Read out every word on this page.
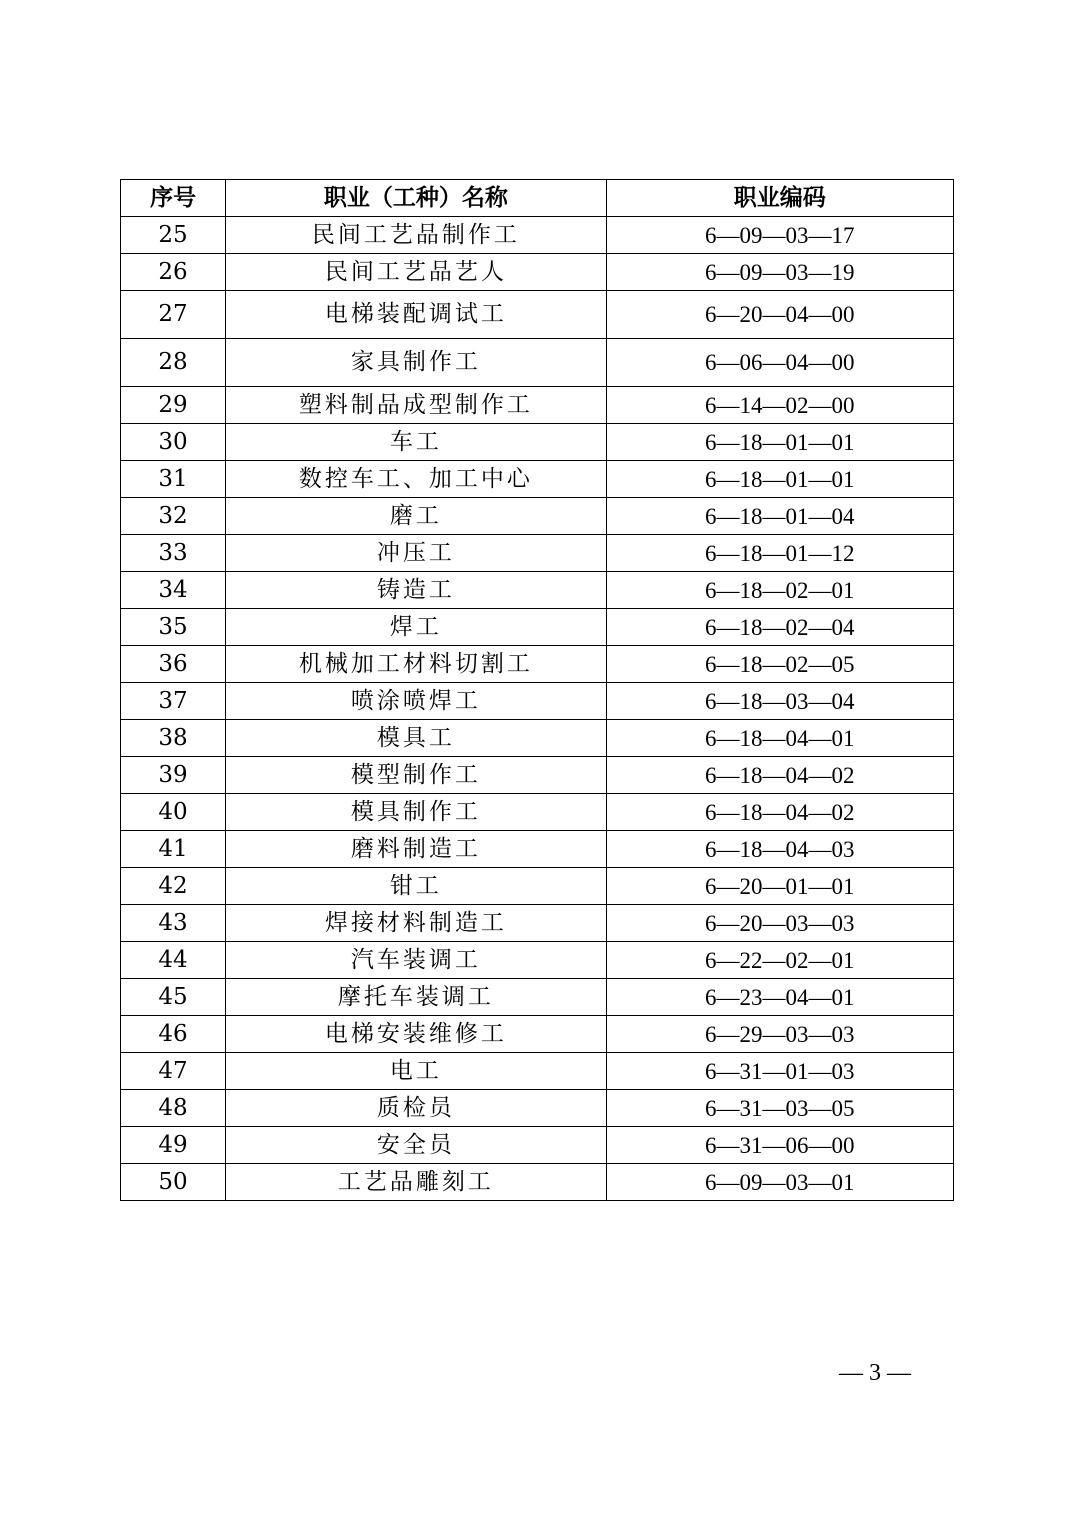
序号	职业（工种）名称	职业编码
25	民间工艺品制作工	6—09—03—17
26	民间工艺品艺人	6—09—03—19
27	电梯装配调试工	6—20—04—00
28	家具制作工	6—06—04—00
29	塑料制品成型制作工	6—14—02—00
30	车工	6—18—01—01
31	数控车工、加工中心	6—18—01—01
32	磨工	6—18—01—04
33	冲压工	6—18—01—12
34	铸造工	6—18—02—01
35	焊工	6—18—02—04
36	机械加工材料切割工	6—18—02—05
37	喷涂喷焊工	6—18—03—04
38	模具工	6—18—04—01
39	模型制作工	6—18—04—02
40	模具制作工	6—18—04—02
41	磨料制造工	6—18—04—03
42	钳工	6—20—01—01
43	焊接材料制造工	6—20—03—03
44	汽车装调工	6—22—02—01
45	摩托车装调工	6—23—04—01
46	电梯安装维修工	6—29—03—03
47	电工	6—31—01—03
48	质检员	6—31—03—05
49	安全员	6—31—06—00
50	工艺品雕刻工	6—09—03—01
— 3 —
